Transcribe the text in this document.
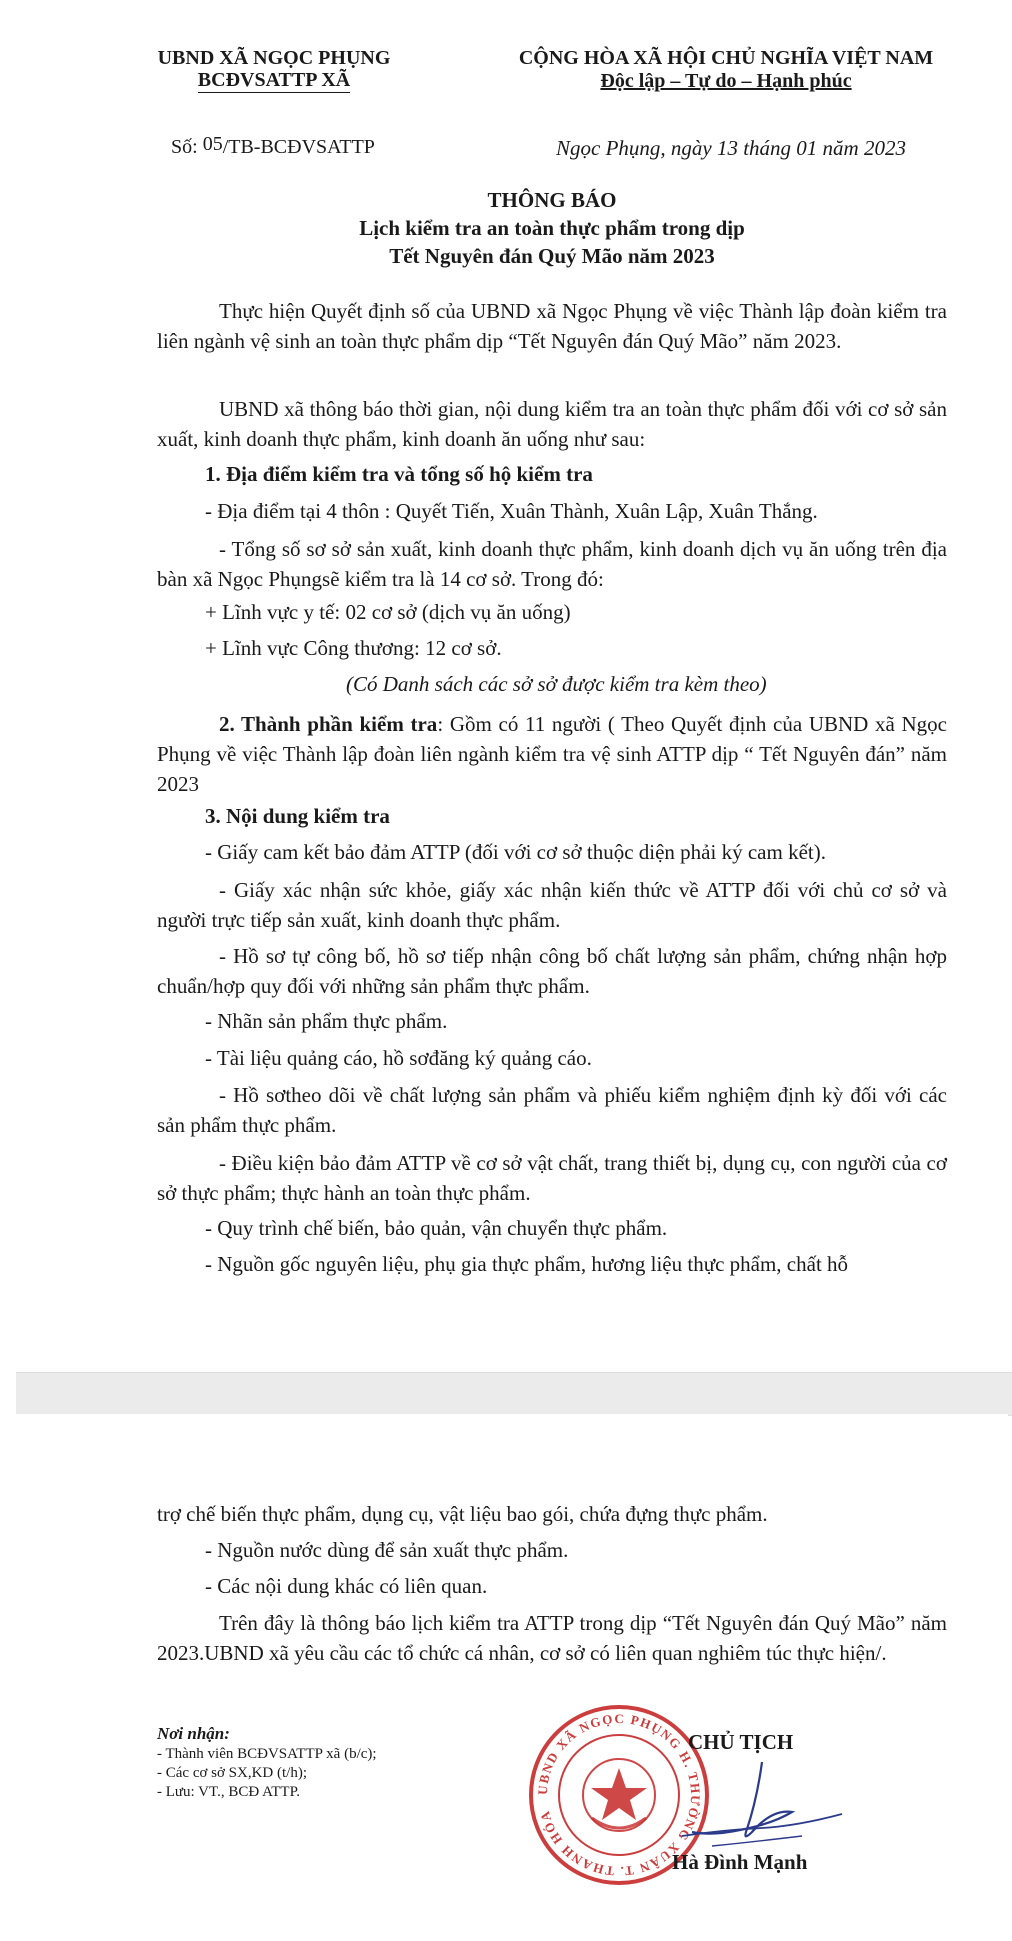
UBND XÃ NGỌC PHỤNG
BCĐVSATTP XÃ
CỘNG HÒA XÃ HỘI CHỦ NGHĨA VIỆT NAM
Độc lập – Tự do – Hạnh phúc
Số: 05/TB-BCĐVSATTP	Ngọc Phụng, ngày 13 tháng 01 năm 2023
THÔNG BÁO
Lịch kiểm tra an toàn thực phẩm trong dịp
Tết Nguyên đán Quý Mão năm 2023
Thực hiện Quyết định số của UBND xã Ngọc Phụng về việc Thành lập đoàn kiểm tra liên ngành vệ sinh an toàn thực phẩm dịp “Tết Nguyên đán Quý Mão” năm 2023.
UBND xã thông báo thời gian, nội dung kiểm tra an toàn thực phẩm đối với cơ sở sản xuất, kinh doanh thực phẩm, kinh doanh ăn uống như sau:
1. Địa điểm kiểm tra và tổng số hộ kiểm tra
- Địa điểm tại 4 thôn : Quyết Tiến, Xuân Thành, Xuân Lập, Xuân Thắng.
- Tổng số sơ sở sản xuất, kinh doanh thực phẩm, kinh doanh dịch vụ ăn uống trên địa bàn xã Ngọc Phụngsẽ kiểm tra là 14 cơ sở. Trong đó:
+ Lĩnh vực y tế: 02 cơ sở (dịch vụ ăn uống)
+ Lĩnh vực Công thương: 12 cơ sở.
(Có Danh sách các sở sở được kiểm tra kèm theo)
2. Thành phần kiểm tra: Gồm có 11 người ( Theo Quyết định của UBND xã Ngọc Phụng về việc Thành lập đoàn liên ngành kiểm tra vệ sinh ATTP dịp “ Tết Nguyên đán” năm 2023
3. Nội dung kiểm tra
- Giấy cam kết bảo đảm ATTP (đối với cơ sở thuộc diện phải ký cam kết).
- Giấy xác nhận sức khỏe, giấy xác nhận kiến thức về ATTP đối với chủ cơ sở và người trực tiếp sản xuất, kinh doanh thực phẩm.
- Hồ sơ tự công bố, hồ sơ tiếp nhận công bố chất lượng sản phẩm, chứng nhận hợp chuẩn/hợp quy đối với những sản phẩm thực phẩm.
- Nhãn sản phẩm thực phẩm.
- Tài liệu quảng cáo, hồ sơđăng ký quảng cáo.
- Hồ sơtheo dõi về chất lượng sản phẩm và phiếu kiểm nghiệm định kỳ đối với các sản phẩm thực phẩm.
- Điều kiện bảo đảm ATTP về cơ sở vật chất, trang thiết bị, dụng cụ, con người của cơ sở thực phẩm; thực hành an toàn thực phẩm.
- Quy trình chế biến, bảo quản, vận chuyển thực phẩm.
- Nguồn gốc nguyên liệu, phụ gia thực phẩm, hương liệu thực phẩm, chất hỗ
trợ chế biến thực phẩm, dụng cụ, vật liệu bao gói, chứa đựng thực phẩm.
- Nguồn nước dùng để sản xuất thực phẩm.
- Các nội dung khác có liên quan.
Trên đây là thông báo lịch kiểm tra ATTP trong dịp “Tết Nguyên đán Quý Mão” năm 2023.UBND xã yêu cầu các tổ chức cá nhân, cơ sở có liên quan nghiêm túc thực hiện/.
Nơi nhận:
- Thành viên BCĐVSATTP xã (b/c);
- Các cơ sở SX,KD (t/h);
- Lưu: VT., BCĐ ATTP.	UBND XÃ NGỌC PHỤNG H. THƯỜNG XUÂN T. THANH HÓA
CHỦ TỊCH
Hà Đình Mạnh
